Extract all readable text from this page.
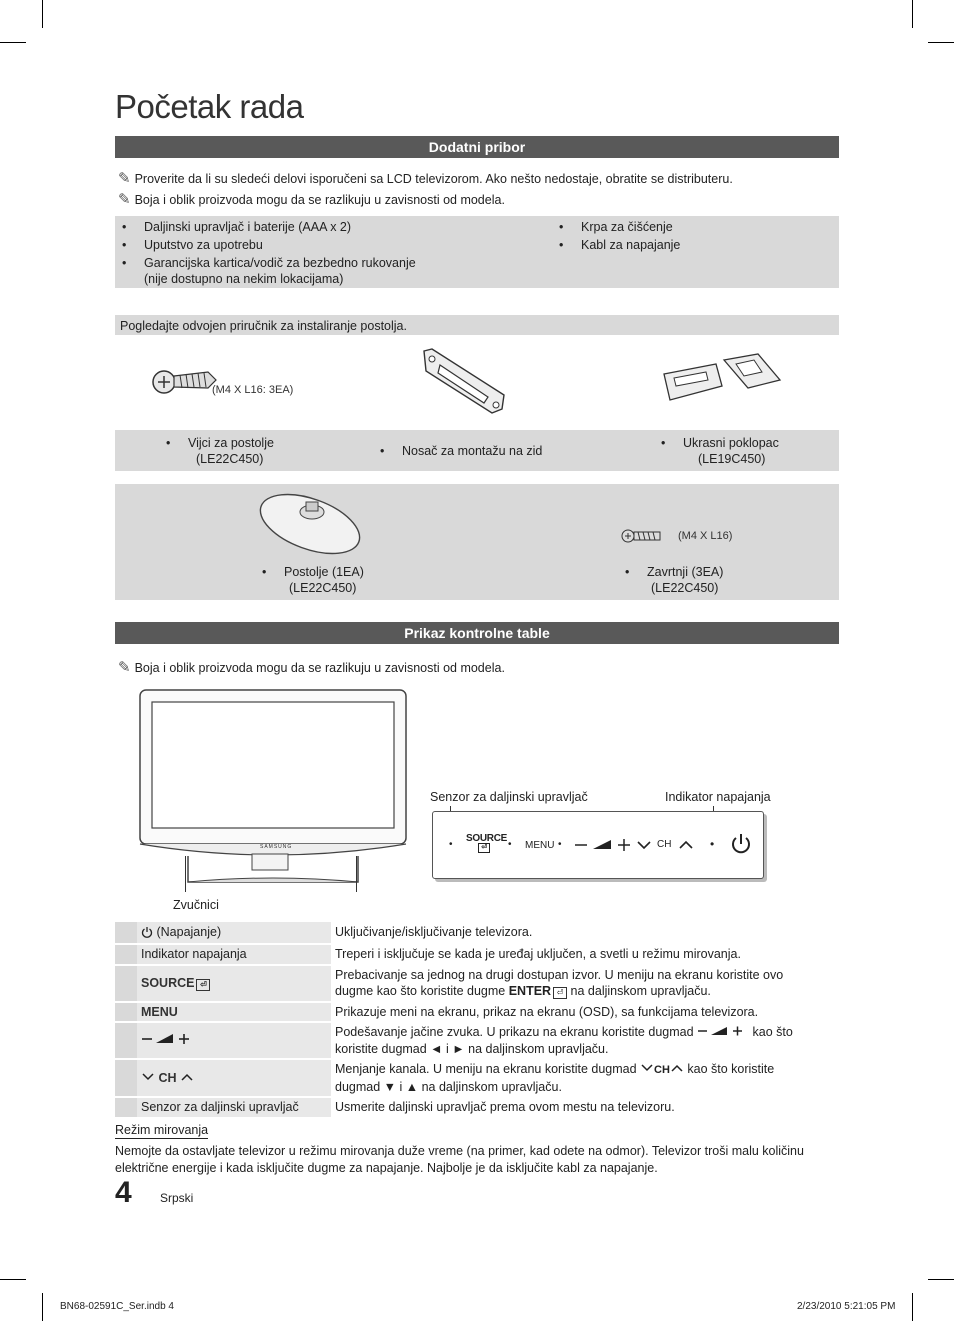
Početak rada
Dodatni pribor
✎ Proverite da li su sledeći delovi isporučeni sa LCD televizorom. Ako nešto nedostaje, obratite se distributeru.
✎ Boja i oblik proizvoda mogu da se razlikuju u zavisnosti od modela.
• Daljinski upravljač i baterije (AAA x 2)
• Uputstvo za upotrebu
• Garancijska kartica/vodič za bezbedno rukovanje
(nije dostupno na nekim lokacijama)
• Krpa za čišćenje
• Kabl za napajanje
Pogledajte odvojen priručnik za instaliranje postolja.
(M4 X L16: 3EA)
• Vijci za postolje
(LE22C450)
• Nosač za montažu na zid
• Ukrasni poklopac
(LE19C450)
(M4 X L16)
• Postolje (1EA)
(LE22C450)
• Zavrtnji (3EA)
(LE22C450)
Prikaz kontrolne table
✎ Boja i oblik proizvoda mogu da se razlikuju u zavisnosti od modela.
SAMSUNG
Zvučnici
Senzor za daljinski upravljač	Indikator napajanja
•
SOURCE
⏎	• MENU •	CH	•
	(Napajanje)	Uključivanje/isključivanje televizora.
	Indikator napajanja	Treperi i isključuje se kada je uređaj uključen, a svetli u režimu mirovanja.
	SOURCE ⏎	Prebacivanje sa jednog na drugi dostupan izvor. U meniju na ekranu koristite ovo
dugme kao što koristite dugme ENTER ⏎ na daljinskom upravljaču.
	MENU	Prikazuje meni na ekranu, prikaz na ekranu (OSD), sa funkcijama televizora.
		Podešavanje jačine zvuka. U prikazu na ekranu koristite dugmad kao što
koristite dugmad ◄ i ► na daljinskom upravljaču.
	CH	Menjanje kanala. U meniju na ekranu koristite dugmad CH kao što koristite
dugmad ▼ i ▲ na daljinskom upravljaču.
	Senzor za daljinski upravljač	Usmerite daljinski upravljač prema ovom mestu na televizoru.
Režim mirovanja
Nemojte da ostavljate televizor u režimu mirovanja duže vreme (na primer, kad odete na odmor). Televizor troši malu količinu
električne energije i kada isključite dugme za napajanje. Najbolje je da isključite kabl za napajanje.
4 Srpski
BN68-02591C_Ser.indb 4	2/23/2010 5:21:05 PM
